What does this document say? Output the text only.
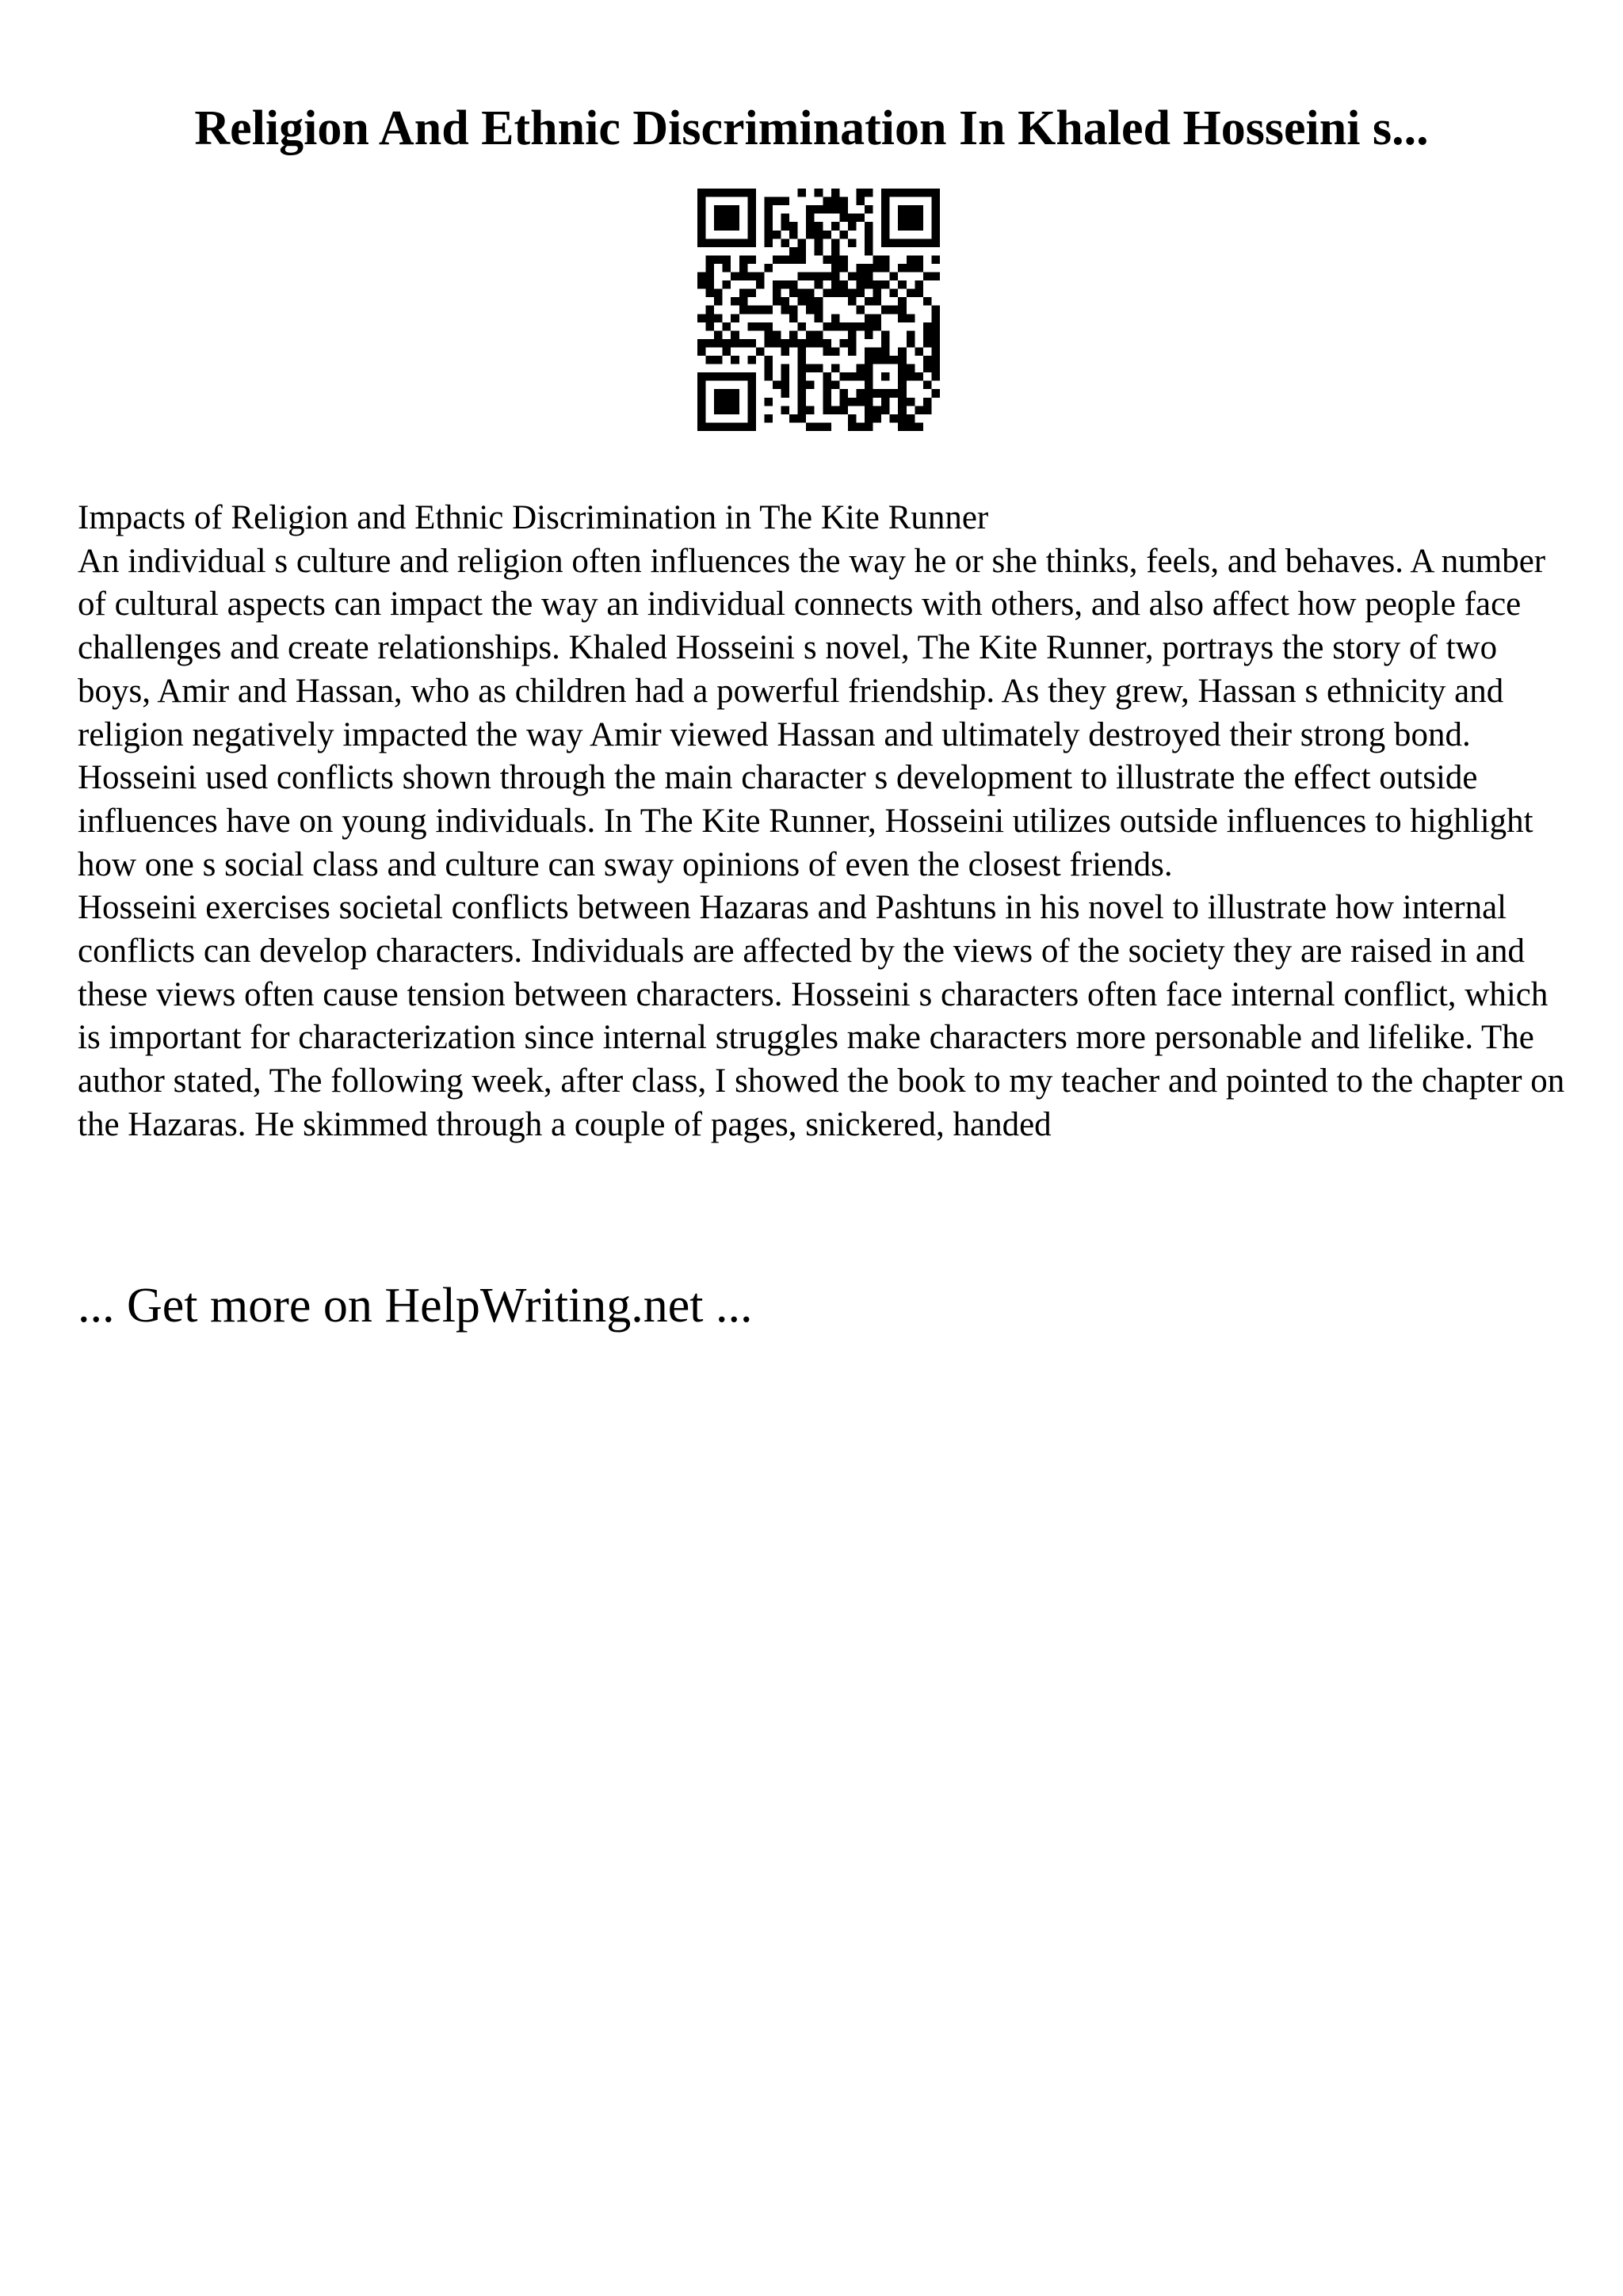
Religion And Ethnic Discrimination In Khaled Hosseini s...

Impacts of Religion and Ethnic Discrimination in The Kite Runner

An individual s culture and religion often influences the way he or she thinks, feels, and behaves. A number of cultural aspects can impact the way an individual connects with others, and also affect how people face challenges and create relationships. Khaled Hosseini s novel, The Kite Runner, portrays the story of two boys, Amir and Hassan, who as children had a powerful friendship. As they grew, Hassan s ethnicity and religion negatively impacted the way Amir viewed Hassan and ultimately destroyed their strong bond. Hosseini used conflicts shown through the main character s development to illustrate the effect outside influences have on young individuals. In The Kite Runner, Hosseini utilizes outside influences to highlight how one s social class and culture can sway opinions of even the closest friends.

Hosseini exercises societal conflicts between Hazaras and Pashtuns in his novel to illustrate how internal conflicts can develop characters. Individuals are affected by the views of the society they are raised in and these views often cause tension between characters. Hosseini s characters often face internal conflict, which is important for characterization since internal struggles make characters more personable and lifelike. The author stated, The following week, after class, I showed the book to my teacher and pointed to the chapter on the Hazaras. He skimmed through a couple of pages, snickered, handed

... Get more on HelpWriting.net ...
